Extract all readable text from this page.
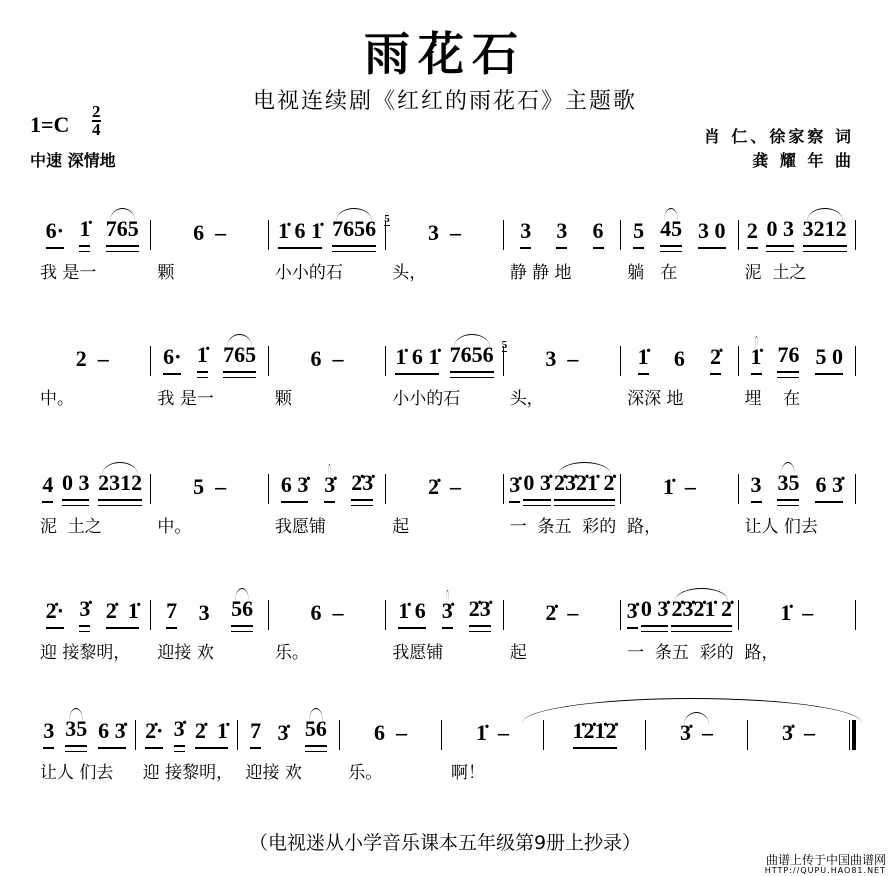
雨花石
电视连续剧《红红的雨花石》主题歌
$1=C \frac{2}{4}$
中速 深情地
肖 仁、徐家察 词
龚 耀 年 曲
6· 1̇ 765 6  – 1̇ 6 1̇ 7656 5
3  –	3 3 6 5 45 3 0 2 0 3 3212
我 是一	颗	小小的石	头，	静 静 地	躺   在	泥  土之
2  – 6· 1̇ 765 6  – 1̇ 6 1̇ 7656 5
3  –	1̇ 6 2̇ 1̇ 76 5 0
中。	我 是一	颗	小小的石	头，	深深 地	埋    在
4 0 3 2312 5  – 6 3̇ 3̇ 2̇3̇ 2̇  – 3̇ 0 3̇ 2̇3̇2̇1̇ 2̇ 1̇  – 3 35 6 3̇
泥  土之	中。	我愿铺	起	一  条五  彩的 路，	让人 们去
2̇· 3̇ 2̇  1̇ 7 3 56	6  – 1̇ 6 3̇ 2̇3̇ 2̇  – 3̇ 0 3̇ 2̇3̇2̇1̇ 2̇ 1̇  –
迎 接黎明，	迎接 欢	乐。	我愿铺	起	一  条五  彩的 路，
3 35 6 3̇ 2̇· 3̇ 2̇  1̇ 7 3̇ 56 6  –	1̇  –	1̇2̇1̇2̇	3̇  –	3̇  –
让人 们去	迎 接黎明， 迎接 欢	乐。	啊！
（电视迷从小学音乐课本五年级第9册上抄录）
曲谱上传于中国曲谱网
HTTP://QUPU.HAO81.NET
